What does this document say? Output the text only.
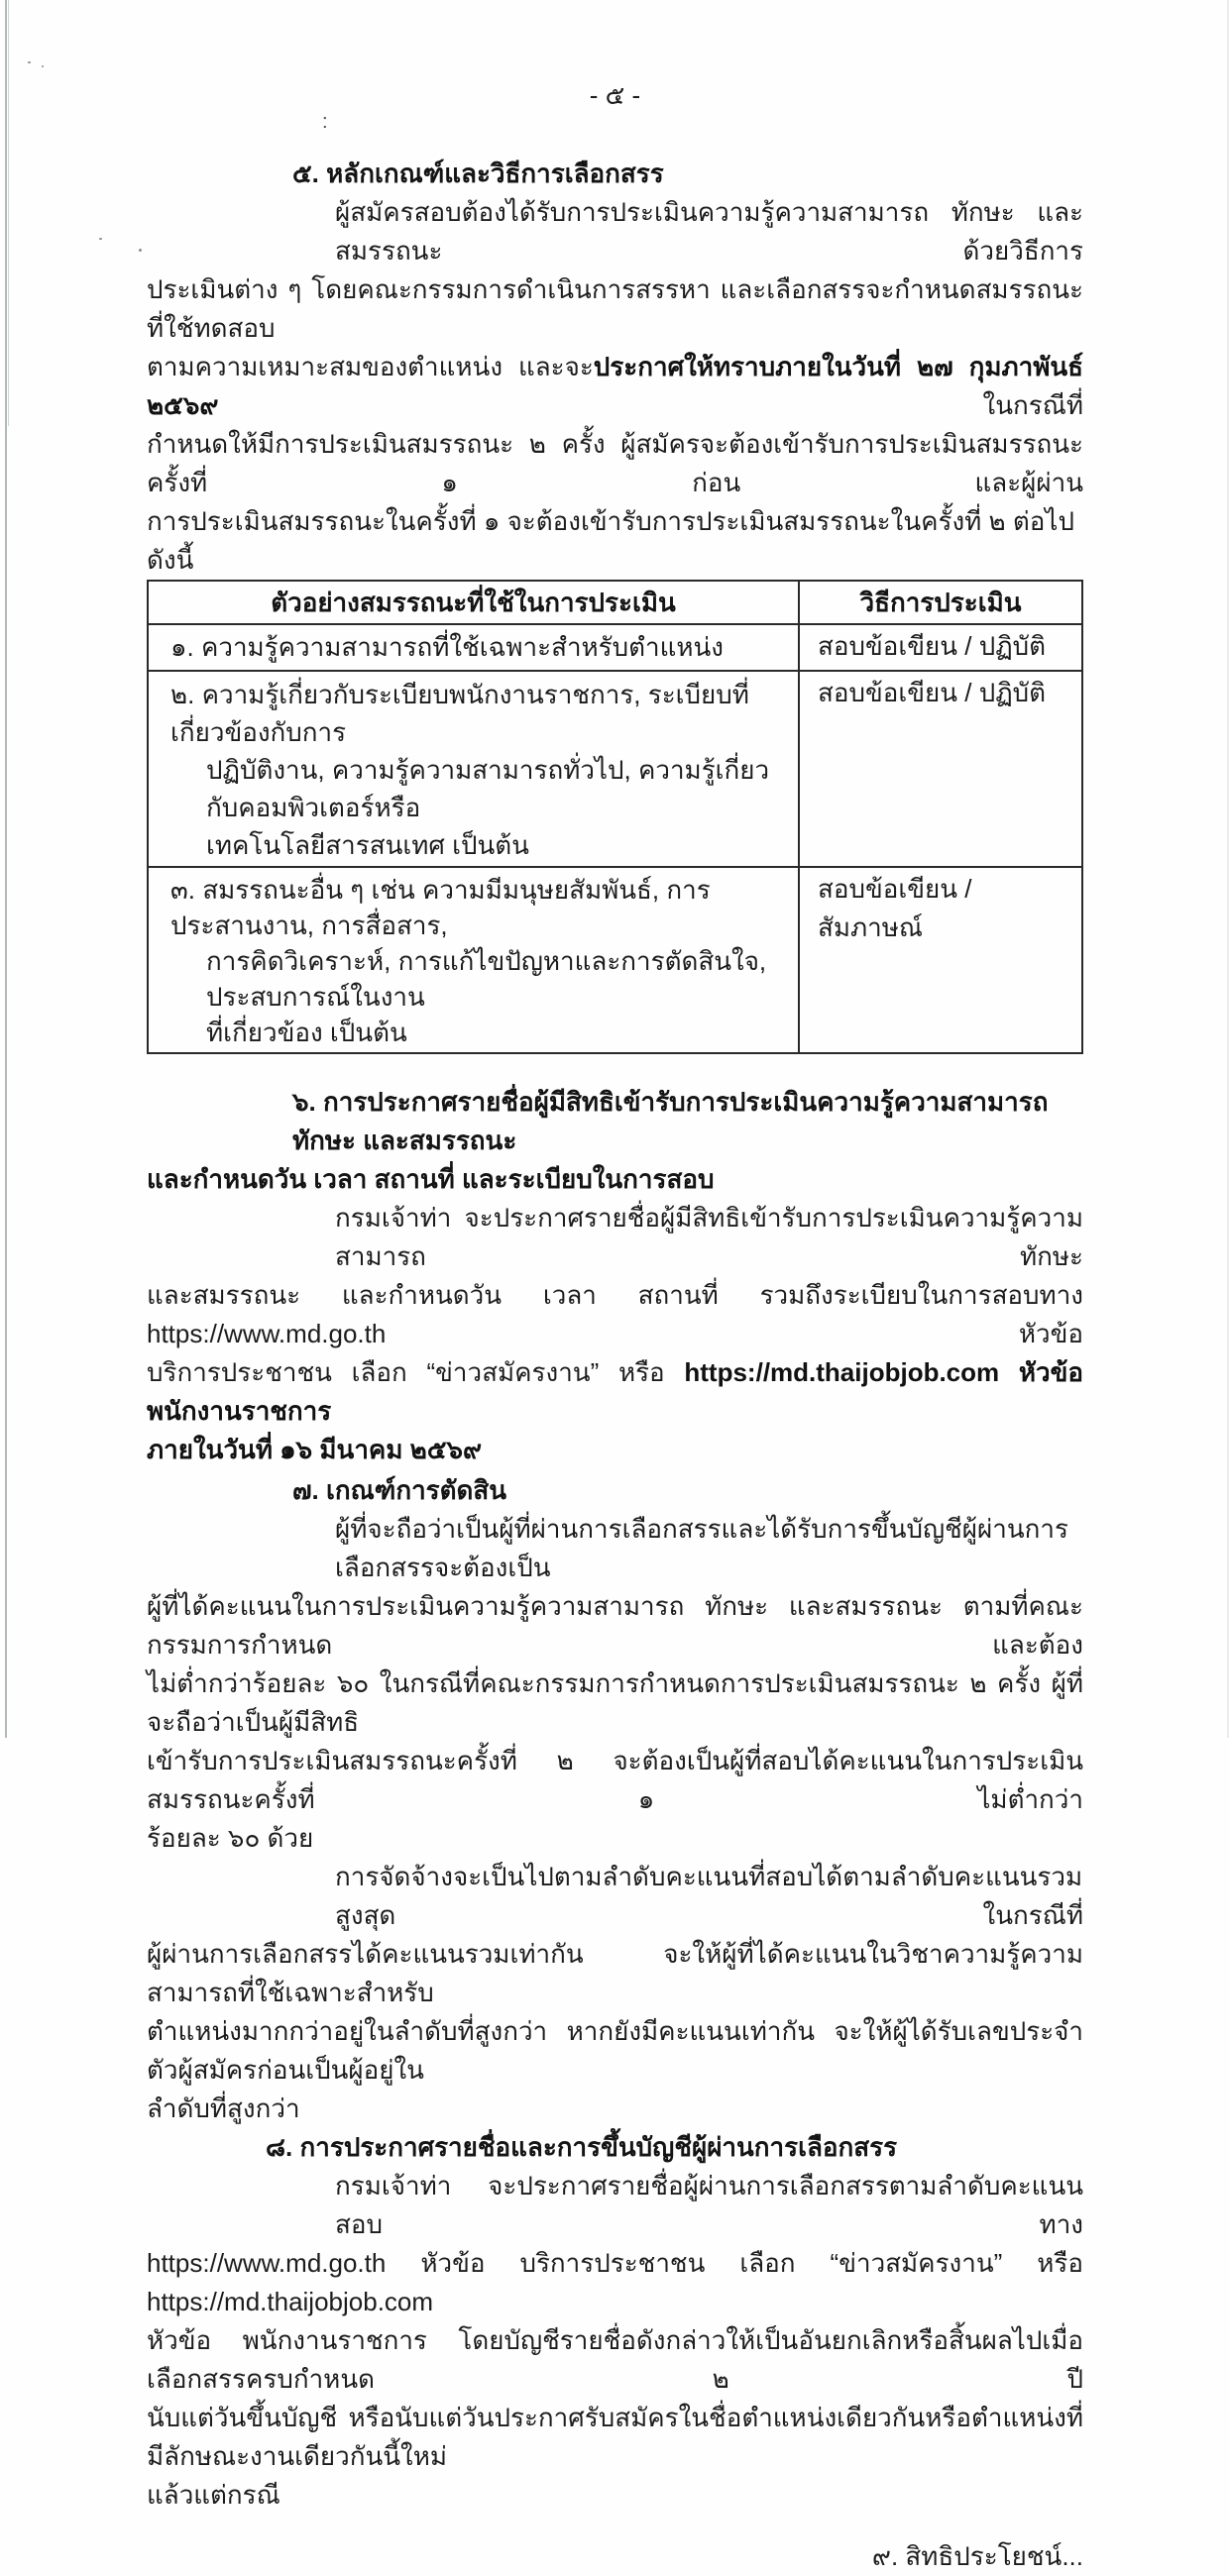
:
- ๕ -
๕. หลักเกณฑ์และวิธีการเลือกสรร
ผู้สมัครสอบต้องได้รับการประเมินความรู้ความสามารถ ทักษะ และสมรรถนะ ด้วยวิธีการ
ประเมินต่าง ๆ โดยคณะกรรมการดำเนินการสรรหา และเลือกสรรจะกำหนดสมรรถนะที่ใช้ทดสอบ
ตามความเหมาะสมของตำแหน่ง และจะประกาศให้ทราบภายในวันที่ ๒๗ กุมภาพันธ์ ๒๕๖๙ ในกรณีที่
กำหนดให้มีการประเมินสมรรถนะ ๒ ครั้ง ผู้สมัครจะต้องเข้ารับการประเมินสมรรถนะครั้งที่ ๑ ก่อน และผู้ผ่าน
การประเมินสมรรถนะในครั้งที่ ๑ จะต้องเข้ารับการประเมินสมรรถนะในครั้งที่ ๒ ต่อไป ดังนี้
ตัวอย่างสมรรถนะที่ใช้ในการประเมิน	วิธีการประเมิน
๑. ความรู้ความสามารถที่ใช้เฉพาะสำหรับตำแหน่ง	สอบข้อเขียน / ปฏิบัติ

๒. ความรู้เกี่ยวกับระเบียบพนักงานราชการ, ระเบียบที่เกี่ยวข้องกับการ
ปฏิบัติงาน, ความรู้ความสามารถทั่วไป, ความรู้เกี่ยวกับคอมพิวเตอร์หรือ
เทคโนโลยีสารสนเทศ เป็นต้น	สอบข้อเขียน / ปฏิบัติ

๓. สมรรถนะอื่น ๆ เช่น ความมีมนุษยสัมพันธ์, การประสานงาน, การสื่อสาร,
การคิดวิเคราะห์, การแก้ไขปัญหาและการตัดสินใจ, ประสบการณ์ในงาน
ที่เกี่ยวข้อง เป็นต้น	สอบข้อเขียน / สัมภาษณ์
๖. การประกาศรายชื่อผู้มีสิทธิเข้ารับการประเมินความรู้ความสามารถ ทักษะ และสมรรถนะ
และกำหนดวัน เวลา สถานที่ และระเบียบในการสอบ
กรมเจ้าท่า จะประกาศรายชื่อผู้มีสิทธิเข้ารับการประเมินความรู้ความสามารถ ทักษะ
และสมรรถนะ และกำหนดวัน เวลา สถานที่ รวมถึงระเบียบในการสอบทาง https://www.md.go.th หัวข้อ
บริการประชาชน เลือก “ข่าวสมัครงาน” หรือ https://md.thaijobjob.com หัวข้อ พนักงานราชการ
ภายในวันที่ ๑๖ มีนาคม ๒๕๖๙
๗. เกณฑ์การตัดสิน
ผู้ที่จะถือว่าเป็นผู้ที่ผ่านการเลือกสรรและได้รับการขึ้นบัญชีผู้ผ่านการเลือกสรรจะต้องเป็น
ผู้ที่ได้คะแนนในการประเมินความรู้ความสามารถ ทักษะ และสมรรถนะ ตามที่คณะกรรมการกำหนด และต้อง
ไม่ต่ำกว่าร้อยละ ๖๐ ในกรณีที่คณะกรรมการกำหนดการประเมินสมรรถนะ ๒ ครั้ง ผู้ที่จะถือว่าเป็นผู้มีสิทธิ
เข้ารับการประเมินสมรรถนะครั้งที่ ๒ จะต้องเป็นผู้ที่สอบได้คะแนนในการประเมินสมรรถนะครั้งที่ ๑ ไม่ต่ำกว่า
ร้อยละ ๖๐ ด้วย
การจัดจ้างจะเป็นไปตามลำดับคะแนนที่สอบได้ตามลำดับคะแนนรวมสูงสุด ในกรณีที่
ผู้ผ่านการเลือกสรรได้คะแนนรวมเท่ากัน จะให้ผู้ที่ได้คะแนนในวิชาความรู้ความสามารถที่ใช้เฉพาะสำหรับ
ตำแหน่งมากกว่าอยู่ในลำดับที่สูงกว่า หากยังมีคะแนนเท่ากัน จะให้ผู้ได้รับเลขประจำตัวผู้สมัครก่อนเป็นผู้อยู่ใน
ลำดับที่สูงกว่า
๘. การประกาศรายชื่อและการขึ้นบัญชีผู้ผ่านการเลือกสรร
กรมเจ้าท่า จะประกาศรายชื่อผู้ผ่านการเลือกสรรตามลำดับคะแนนสอบ ทาง
https://www.md.go.th หัวข้อ บริการประชาชน เลือก “ข่าวสมัครงาน” หรือ https://md.thaijobjob.com
หัวข้อ พนักงานราชการ โดยบัญชีรายชื่อดังกล่าวให้เป็นอันยกเลิกหรือสิ้นผลไปเมื่อเลือกสรรครบกำหนด ๒ ปี
นับแต่วันขึ้นบัญชี หรือนับแต่วันประกาศรับสมัครในชื่อตำแหน่งเดียวกันหรือตำแหน่งที่มีลักษณะงานเดียวกันนี้ใหม่
แล้วแต่กรณี
๙. สิทธิประโยชน์...
